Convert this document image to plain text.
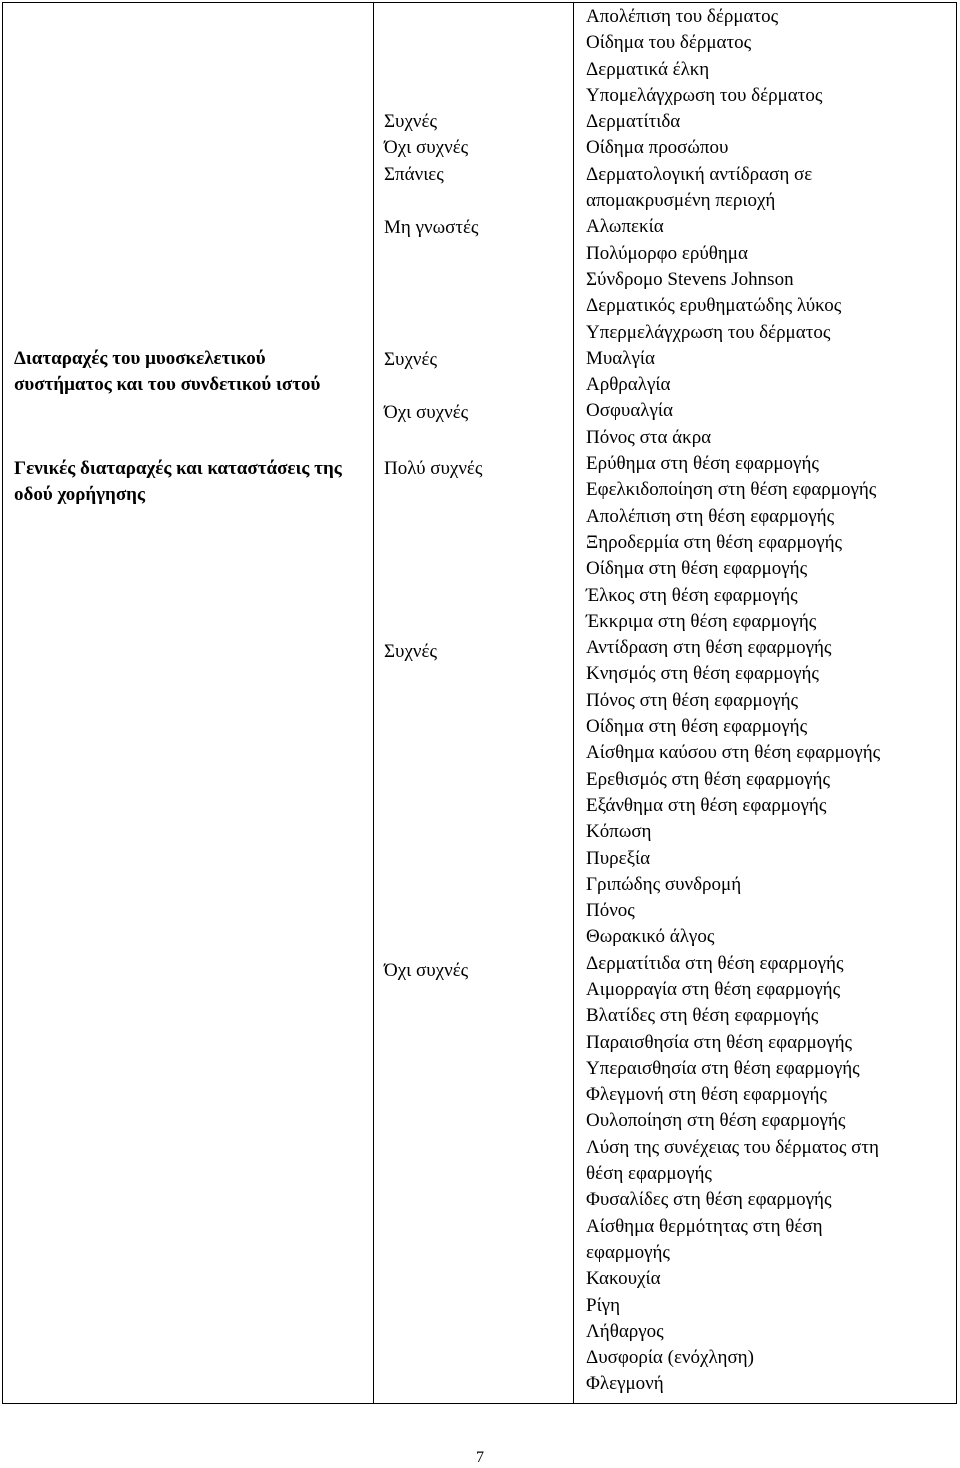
Διαταραχές του μυοσκελετικού συστήματος και του συνδετικού ιστού
Γενικές διαταραχές και καταστάσεις της οδού χορήγησης
Συχνές
Όχι συχνές
Σπάνιες
Μη γνωστές
Συχνές
Όχι συχνές
Πολύ συχνές
Συχνές
Όχι συχνές
Απολέπιση του δέρματος
Οίδημα του δέρματος
Δερματικά έλκη
Υπομελάγχρωση του δέρματος
Δερματίτιδα
Οίδημα προσώπου
Δερματολογική αντίδραση σε
απομακρυσμένη περιοχή
Αλωπεκία
Πολύμορφο ερύθημα
Σύνδρομο Stevens Johnson
Δερματικός ερυθηματώδης λύκος
Υπερμελάγχρωση του δέρματος
Μυαλγία
Αρθραλγία
Οσφυαλγία
Πόνος στα άκρα
Ερύθημα στη θέση εφαρμογής
Εφελκιδοποίηση στη θέση εφαρμογής
Απολέπιση στη θέση εφαρμογής
Ξηροδερμία στη θέση εφαρμογής
Οίδημα στη θέση εφαρμογής
Έλκος στη θέση εφαρμογής
Έκκριμα στη θέση εφαρμογής
Αντίδραση στη θέση εφαρμογής
Κνησμός στη θέση εφαρμογής
Πόνος στη θέση εφαρμογής
Οίδημα στη θέση εφαρμογής
Αίσθημα καύσου στη θέση εφαρμογής
Ερεθισμός στη θέση εφαρμογής
Εξάνθημα στη θέση εφαρμογής
Κόπωση
Πυρεξία
Γριπώδης συνδρομή
Πόνος
Θωρακικό άλγος
Δερματίτιδα στη θέση εφαρμογής
Αιμορραγία στη θέση εφαρμογής
Βλατίδες στη θέση εφαρμογής
Παραισθησία στη θέση εφαρμογής
Υπεραισθησία στη θέση εφαρμογής
Φλεγμονή στη θέση εφαρμογής
Ουλοποίηση στη θέση εφαρμογής
Λύση της συνέχειας του δέρματος στη
θέση εφαρμογής
Φυσαλίδες στη θέση εφαρμογής
Αίσθημα θερμότητας στη θέση
εφαρμογής
Κακουχία
Ρίγη
Λήθαργος
Δυσφορία (ενόχληση)
Φλεγμονή
7
